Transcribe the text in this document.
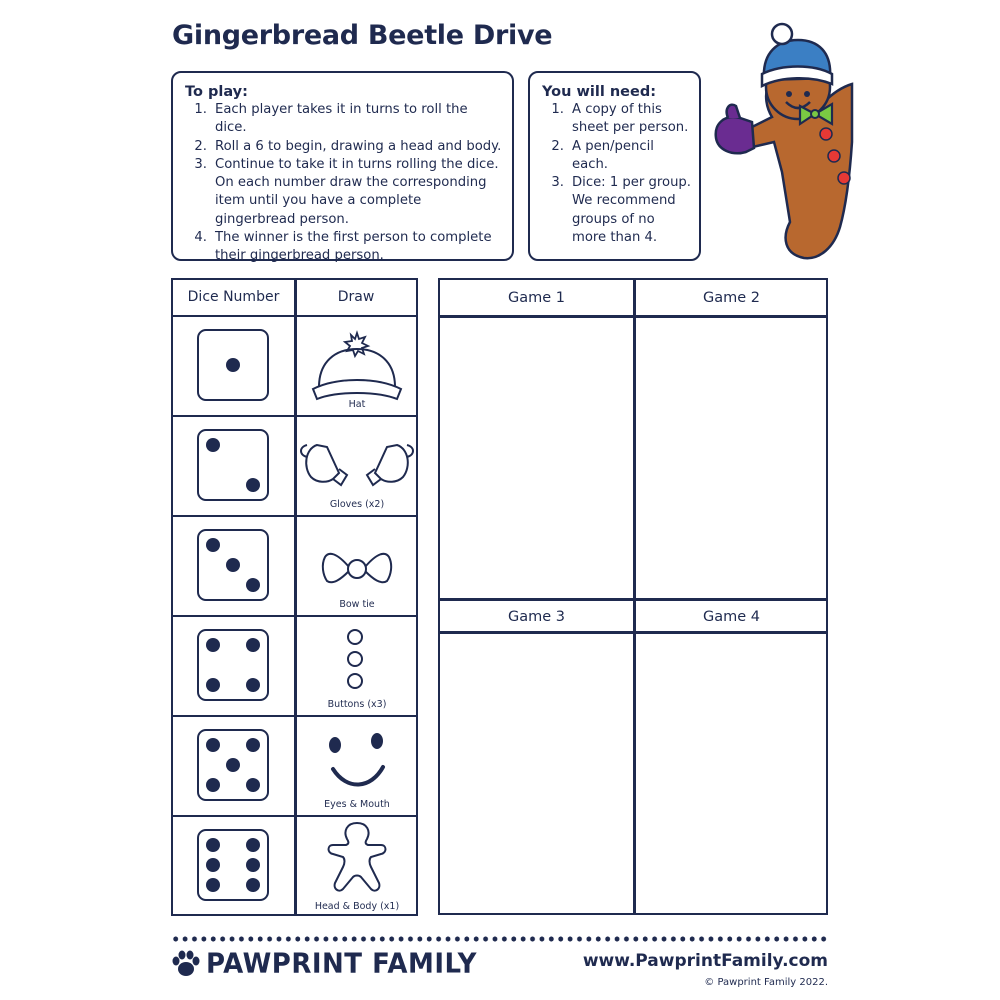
Gingerbread Beetle Drive
To play:
1. Each player takes it in turns to roll the dice.
2. Roll a 6 to begin, drawing a head and body.
3. Continue to take it in turns rolling the dice. On each number draw the corresponding item until you have a complete gingerbread person.
4. The winner is the first person to complete their gingerbread person.
You will need:
1. A copy of this sheet per person.
2. A pen/pencil each.
3. Dice: 1 per group. We recommend groups of no more than 4.
Dice Number	Draw
Hat
Gloves (x2)
Bow tie
Buttons (x3)
Eyes & Mouth
Head & Body (x1)
Game 1	Game 2
Game 3	Game 4
PAWPRINT FAMILY	www.PawprintFamily.com
© Pawprint Family 2022.
